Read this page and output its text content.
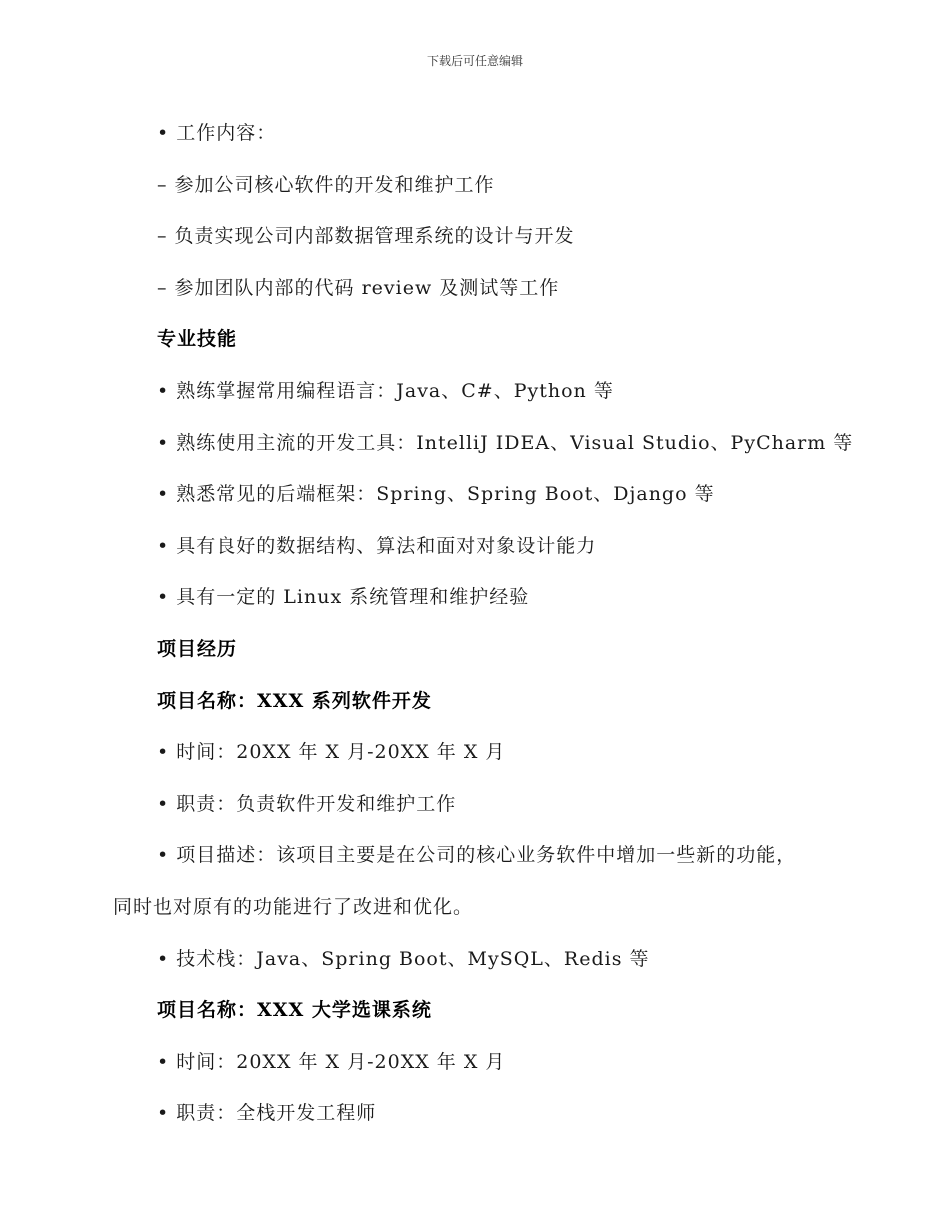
下载后可任意编辑
• 工作内容：
– 参加公司核心软件的开发和维护工作
– 负责实现公司内部数据管理系统的设计与开发
– 参加团队内部的代码 review 及测试等工作
专业技能
• 熟练掌握常用编程语言：Java、C#、Python 等
• 熟练使用主流的开发工具：IntelliJ IDEA、Visual Studio、PyCharm 等
• 熟悉常见的后端框架：Spring、Spring Boot、Django 等
• 具有良好的数据结构、算法和面对对象设计能力
• 具有一定的 Linux 系统管理和维护经验
项目经历
项目名称：XXX 系列软件开发
• 时间：20XX 年 X 月-20XX 年 X 月
• 职责：负责软件开发和维护工作
• 项目描述：该项目主要是在公司的核心业务软件中增加一些新的功能，同时也对原有的功能进行了改进和优化。
• 技术栈：Java、Spring Boot、MySQL、Redis 等
项目名称：XXX 大学选课系统
• 时间：20XX 年 X 月-20XX 年 X 月
• 职责：全栈开发工程师
